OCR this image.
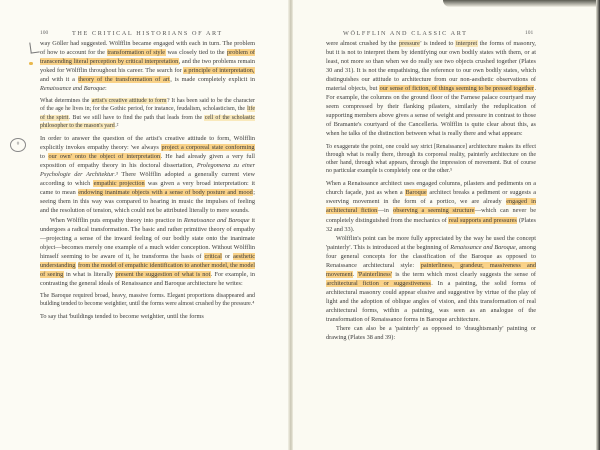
100	THE CRITICAL HISTORIANS OF ART
#

way Göller had suggested. Wölfflin became engaged with each in turn. The problem of how to account for the transformation of style was closely tied to the problem of transcending literal perception by critical interpretation, and the two problems remain yoked for Wölfflin throughout his career. The search for a principle of interpretation, and with it a theory of the transformation of art, is made completely explicit in Renaissance and Baroque:

What determines the artist's creative attitude to form? It has been said to be the character of the age he lives in; for the Gothic period, for instance, feudalism, scholasticism, the life of the spirit. But we still have to find the path that leads from the cell of the scholastic philosopher to the mason's yard.²

In order to answer the question of the artist's creative attitude to form, Wölfflin explicitly invokes empathy theory: 'we always project a corporeal state conforming to our own' onto the object of interpretation. He had already given a very full exposition of empathy theory in his doctoral dissertation, Prolegomena zu einer Psychologie der Architektur.³ There Wölfflin adopted a generally current view according to which empathic projection was given a very broad interpretation: it came to mean endowing inanimate objects with a sense of body posture and mood; seeing them in this way was compared to hearing in music the impulses of feeling and the resolution of tension, which could not be attributed literally to mere sounds.

When Wölfflin puts empathy theory into practice in Renaissance and Baroque it undergoes a radical transformation. The basic and rather primitive theory of empathy—projecting a sense of the inward feeling of our bodily state onto the inanimate object—becomes merely one example of a much wider conception. Without Wölfflin himself seeming to be aware of it, he transforms the basis of critical or aesthetic understanding from the model of empathic identification to another model, the model of seeing in what is literally present the suggestion of what is not. For example, in contrasting the general ideals of Renaissance and Baroque architecture he writes:

The Baroque required broad, heavy, massive forms. Elegant proportions disappeared and building tended to become weightier, until the forms were almost crushed by the pressure.⁴

To say that 'buildings tended to become weightier, until the forms

WÖLFFLIN AND CLASSIC ART	101

were almost crushed by the pressure' is indeed to interpret the forms of masonry, but it is not to interpret them by identifying our own bodily states with them, or at least, not more so than when we do really see two objects crushed together (Plates 30 and 31). It is not the empathising, the reference to our own bodily states, which distinguishes our attitude to architecture from our non-aesthetic observations of material objects, but our sense of fiction, of things seeming to be pressed together. For example, the columns on the ground floor of the Farnese palace courtyard may seem compressed by their flanking pilasters, similarly the reduplication of supporting members above gives a sense of weight and pressure in contrast to those of Bramante's courtyard of the Cancelleria. Wölfflin is quite clear about this, as when he talks of the distinction between what is really there and what appears:

To exaggerate the point, one could say strict [Renaissance] architecture makes its effect through what is really there, through its corporeal reality, painterly architecture on the other hand, through what appears, through the impression of movement. But of course no particular example is completely one or the other.⁵

When a Renaissance architect uses engaged columns, pilasters and pediments on a church façade, just as when a Baroque architect breaks a pediment or suggests a swerving movement in the form of a portico, we are already engaged in architectural fiction—in observing a seeming structure—which can never be completely distinguished from the mechanics of real supports and pressures (Plates 32 and 33).

Wölfflin's point can be more fully appreciated by the way he used the concept 'painterly'. This is introduced at the beginning of Renaissance and Baroque, among four general concepts for the classification of the Baroque as opposed to Renaissance architectural style: painterliness, grandeur, massiveness and movement. 'Painterliness' is the term which most clearly suggests the sense of architectural fiction or suggestiveness. In a painting, the solid forms of architectural masonry could appear elusive and suggestive by virtue of the play of light and the adoption of oblique angles of vision, and this transformation of real architectural forms, within a painting, was seen as an analogue of the transformation of Renaissance forms in Baroque architecture.

There can also be a 'painterly' as opposed to 'draughtsmanly' painting or drawing (Plates 38 and 39):
